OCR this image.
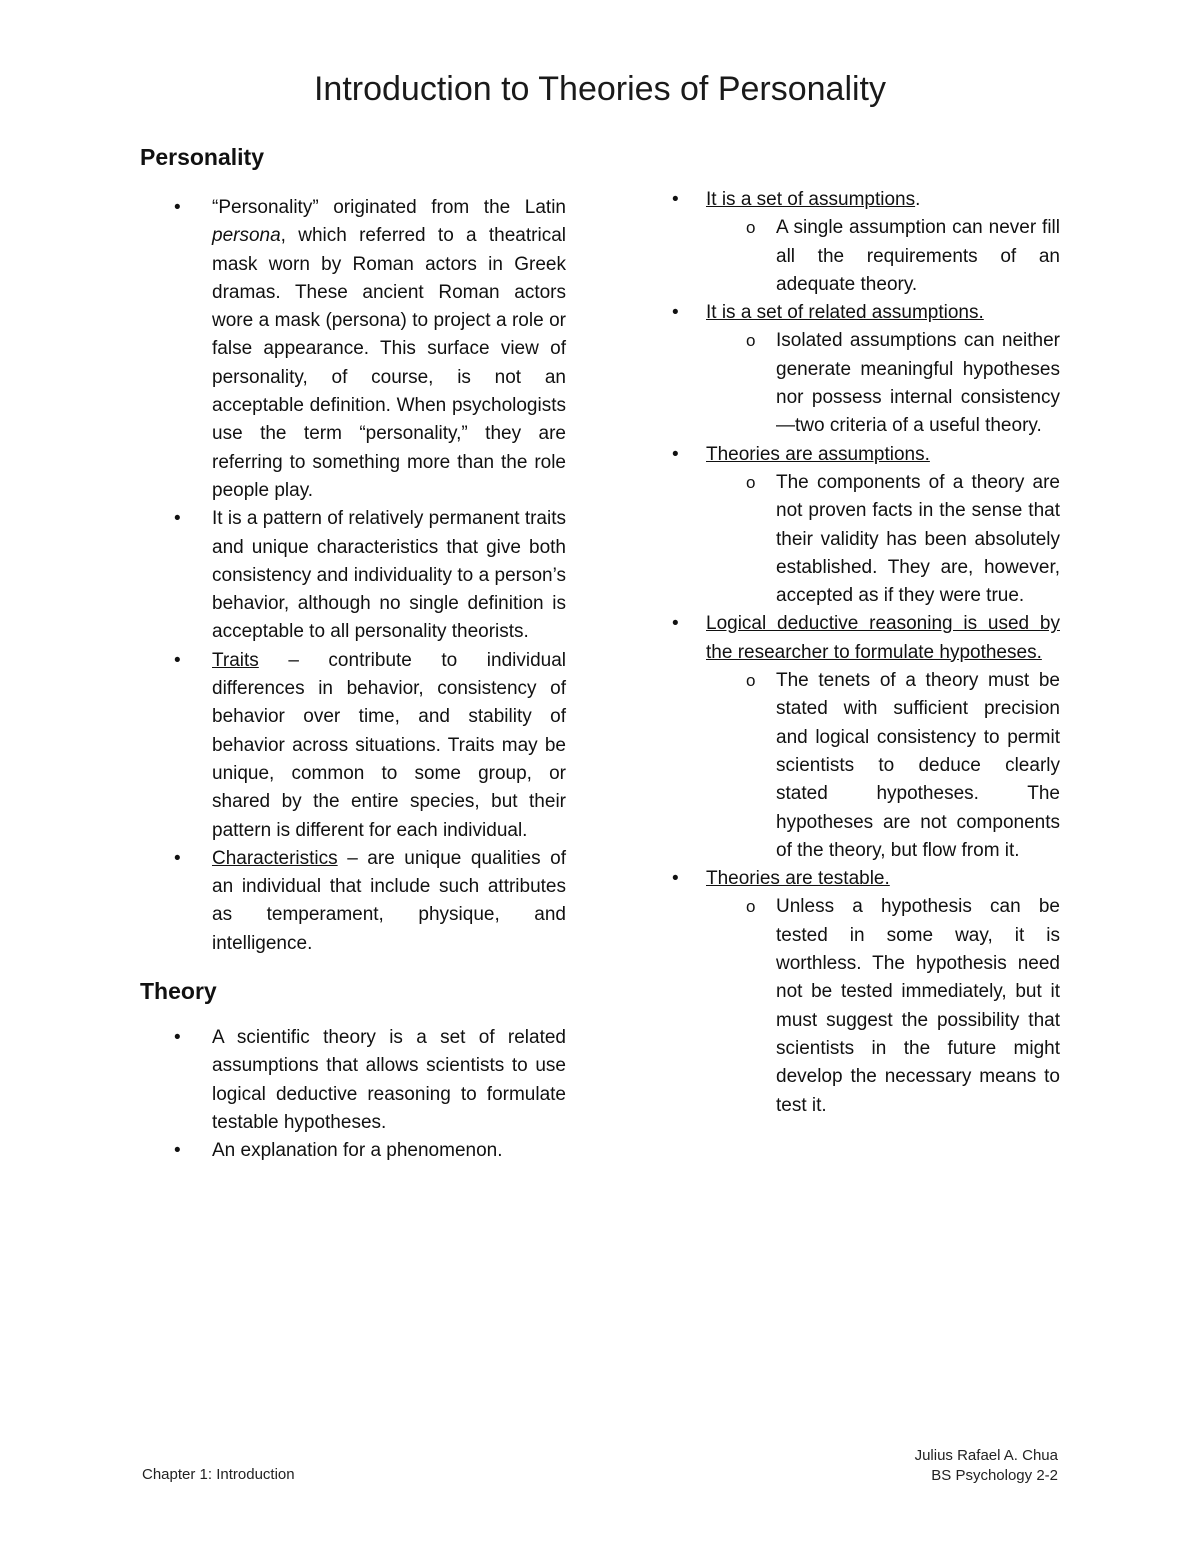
Introduction to Theories of Personality
Personality
• “Personality” originated from the Latin persona, which referred to a theatrical mask worn by Roman actors in Greek dramas. These ancient Roman actors wore a mask (persona) to project a role or false appearance. This surface view of personality, of course, is not an acceptable definition. When psychologists use the term “personality,” they are referring to something more than the role people play.
• It is a pattern of relatively permanent traits and unique characteristics that give both consistency and individuality to a person’s behavior, although no single definition is acceptable to all personality theorists.
• Traits – contribute to individual differences in behavior, consistency of behavior over time, and stability of behavior across situations. Traits may be unique, common to some group, or shared by the entire species, but their pattern is different for each individual.
• Characteristics – are unique qualities of an individual that include such attributes as temperament, physique, and intelligence.
Theory
• A scientific theory is a set of related assumptions that allows scientists to use logical deductive reasoning to formulate testable hypotheses.
• An explanation for a phenomenon.
• It is a set of assumptions.
o A single assumption can never fill all the requirements of an adequate theory.
• It is a set of related assumptions.
o Isolated assumptions can neither generate meaningful hypotheses nor possess internal consistency—two criteria of a useful theory.
• Theories are assumptions.
o The components of a theory are not proven facts in the sense that their validity has been absolutely established. They are, however, accepted as if they were true.
• Logical deductive reasoning is used by the researcher to formulate hypotheses.
o The tenets of a theory must be stated with sufficient precision and logical consistency to permit scientists to deduce clearly stated hypotheses. The hypotheses are not components of the theory, but flow from it.
• Theories are testable.
o Unless a hypothesis can be tested in some way, it is worthless. The hypothesis need not be tested immediately, but it must suggest the possibility that scientists in the future might develop the necessary means to test it.
Chapter 1: Introduction
Julius Rafael A. Chua
BS Psychology 2-2
